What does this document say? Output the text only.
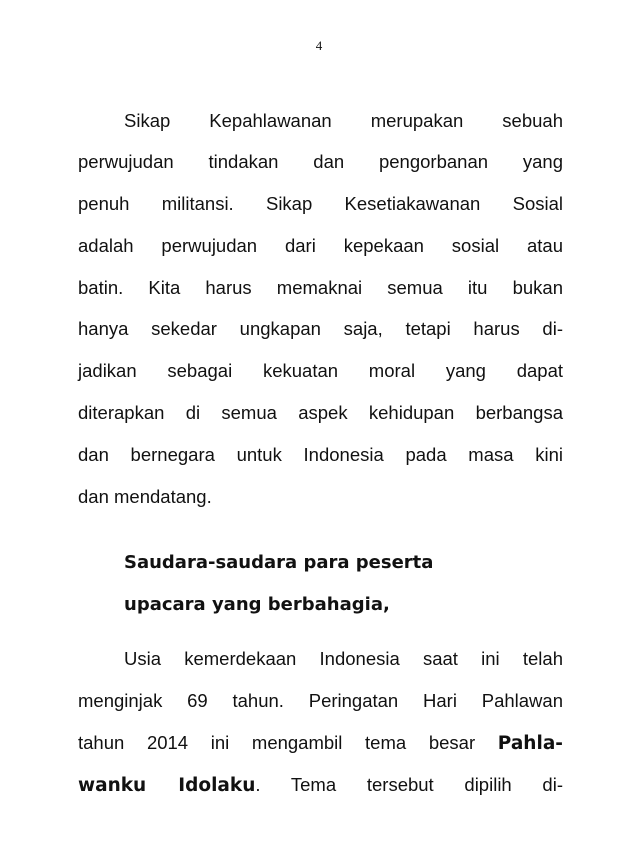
4
Sikap Kepahlawanan merupakan sebuah
perwujudan tindakan dan pengorbanan yang
penuh militansi. Sikap Kesetiakawanan Sosial
adalah perwujudan dari kepekaan sosial atau
batin. Kita harus memaknai semua itu bukan
hanya sekedar ungkapan saja, tetapi harus di-
jadikan sebagai kekuatan moral yang dapat
diterapkan di semua aspek kehidupan berbangsa
dan bernegara untuk Indonesia pada masa kini
dan mendatang.
Saudara-saudara para peserta
upacara yang berbahagia,
Usia kemerdekaan Indonesia saat ini telah
menginjak 69 tahun. Peringatan Hari Pahlawan
tahun 2014 ini mengambil tema besar Pahla-
wanku Idolaku. Tema tersebut dipilih di-
